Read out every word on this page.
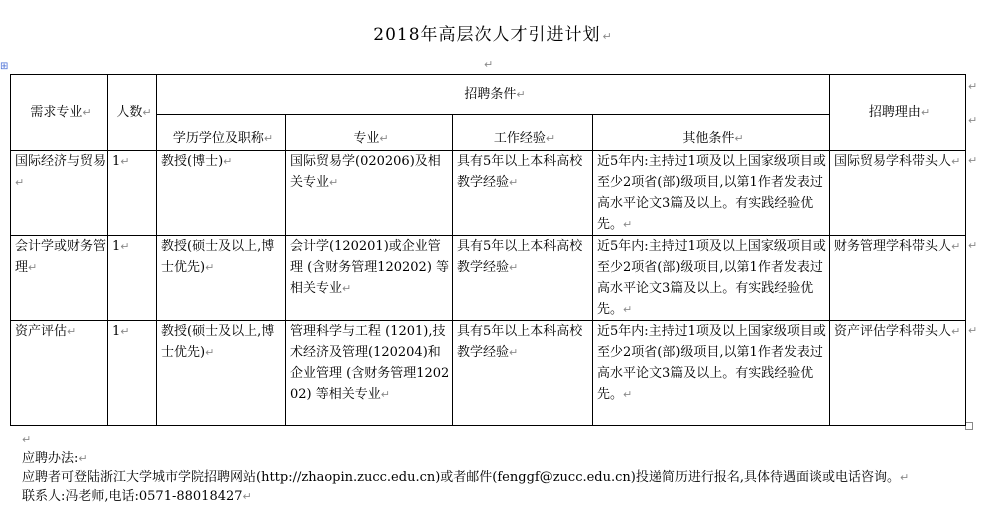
2018年高层次人才引进计划 ↵
↵
⊞
需求专业↵	人数↵	招聘条件↵				招聘理由↵
		学历学位及职称↵	专业↵	工作经验↵	其他条件↵	
国际经济与贸易↵	1↵	教授(博士)↵	国际贸易学(020206)及相关专业↵	具有5年以上本科高校教学经验↵	近5年内:主持过1项及以上国家级项目或至少2项省(部)级项目,以第1作者发表过高水平论文3篇及以上。有实践经验优先。↵	国际贸易学科带头人↵
会计学或财务管理↵	1↵	教授(硕士及以上,博士优先)↵	会计学(120201)或企业管理 (含财务管理120202) 等相关专业↵	具有5年以上本科高校教学经验↵	近5年内:主持过1项及以上国家级项目或至少2项省(部)级项目,以第1作者发表过高水平论文3篇及以上。有实践经验优先。↵	财务管理学科带头人↵
资产评估↵	1↵	教授(硕士及以上,博士优先)↵	管理科学与工程 (1201),技术经济及管理(120204)和企业管理 (含财务管理120202) 等相关专业↵	具有5年以上本科高校教学经验↵	近5年内:主持过1项及以上国家级项目或至少2项省(部)级项目,以第1作者发表过高水平论文3篇及以上。有实践经验优先。↵	资产评估学科带头人↵
↵
↵
↵
↵
↵
↵
应聘办法:↵
应聘者可登陆浙江大学城市学院招聘网站(http://zhaopin.zucc.edu.cn)或者邮件(fenggf@zucc.edu.cn)投递简历进行报名,具体待遇面谈或电话咨询。↵
联系人:冯老师,电话:0571-88018427↵
